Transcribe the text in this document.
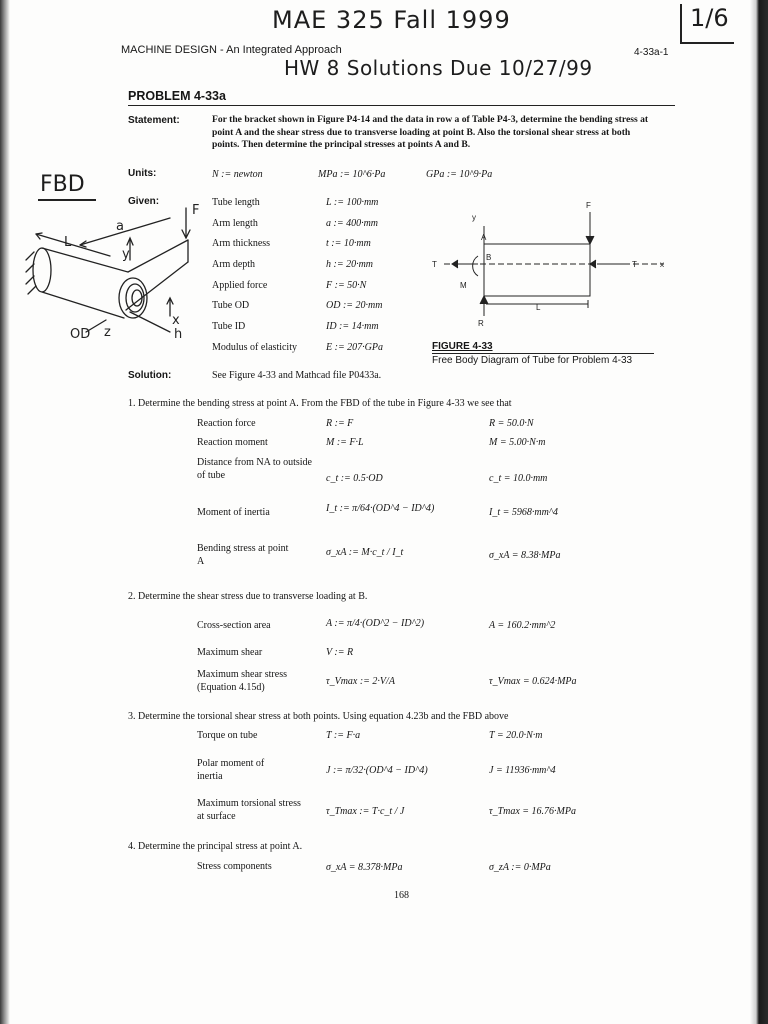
MAE 325 Fall 1999	1/6
HW 8 Solutions Due 10/27/99
MACHINE DESIGN - An Integrated Approach	4-33a-1
PROBLEM 4-33a
Statement:	For the bracket shown in Figure P4-14 and the data in row a of Table P4-3, determine the bending stress at point A and the shear stress due to transverse loading at point B. Also the torsional shear stress at both points. Then determine the principal stresses at points A and B.
FBD	Units:	N := newton	MPa := 10^6·Pa	GPa := 10^9·Pa
Given:	Tube length	L := 100·mm
Arm length	a := 400·mm
Arm thickness	t := 10·mm
Arm depth	h := 20·mm
Applied force	F := 50·N
Tube OD	OD := 20·mm
Tube ID	ID := 14·mm
Modulus of elasticity	E := 207·GPa
F
a
L
y
x
z	h
OD
y
F
A
B
T
M
L
R
T	x
FIGURE 4-33
Free Body Diagram of Tube for Problem 4-33
Solution:	See Figure 4-33 and Mathcad file P0433a.
1. Determine the bending stress at point A. From the FBD of the tube in Figure 4-33 we see that
Reaction force	R := F	R = 50.0·N
Reaction moment	M := F·L	M = 5.00·N·m
Distance from NA to outside of tube	c_t := 0.5·OD	c_t = 10.0·mm
Moment of inertia	I_t := π/64·(OD^4 − ID^4)	I_t = 5968·mm^4
Bending stress at point A
σ_xA := M·c_t / I_t	σ_xA = 8.38·MPa
2. Determine the shear stress due to transverse loading at B.
Cross-section area	A := π/4·(OD^2 − ID^2)	A = 160.2·mm^2
Maximum shear	V := R
Maximum shear stress (Equation 4.15d)
τ_Vmax := 2·V/A	τ_Vmax = 0.624·MPa
3. Determine the torsional shear stress at both points. Using equation 4.23b and the FBD above
Torque on tube	T := F·a	T = 20.0·N·m
Polar moment of inertia
J := π/32·(OD^4 − ID^4)	J = 11936·mm^4
Maximum torsional stress at surface	τ_Tmax := T·c_t / J	τ_Tmax = 16.76·MPa
4. Determine the principal stress at point A.
Stress components	σ_xA = 8.378·MPa	σ_zA := 0·MPa
168
